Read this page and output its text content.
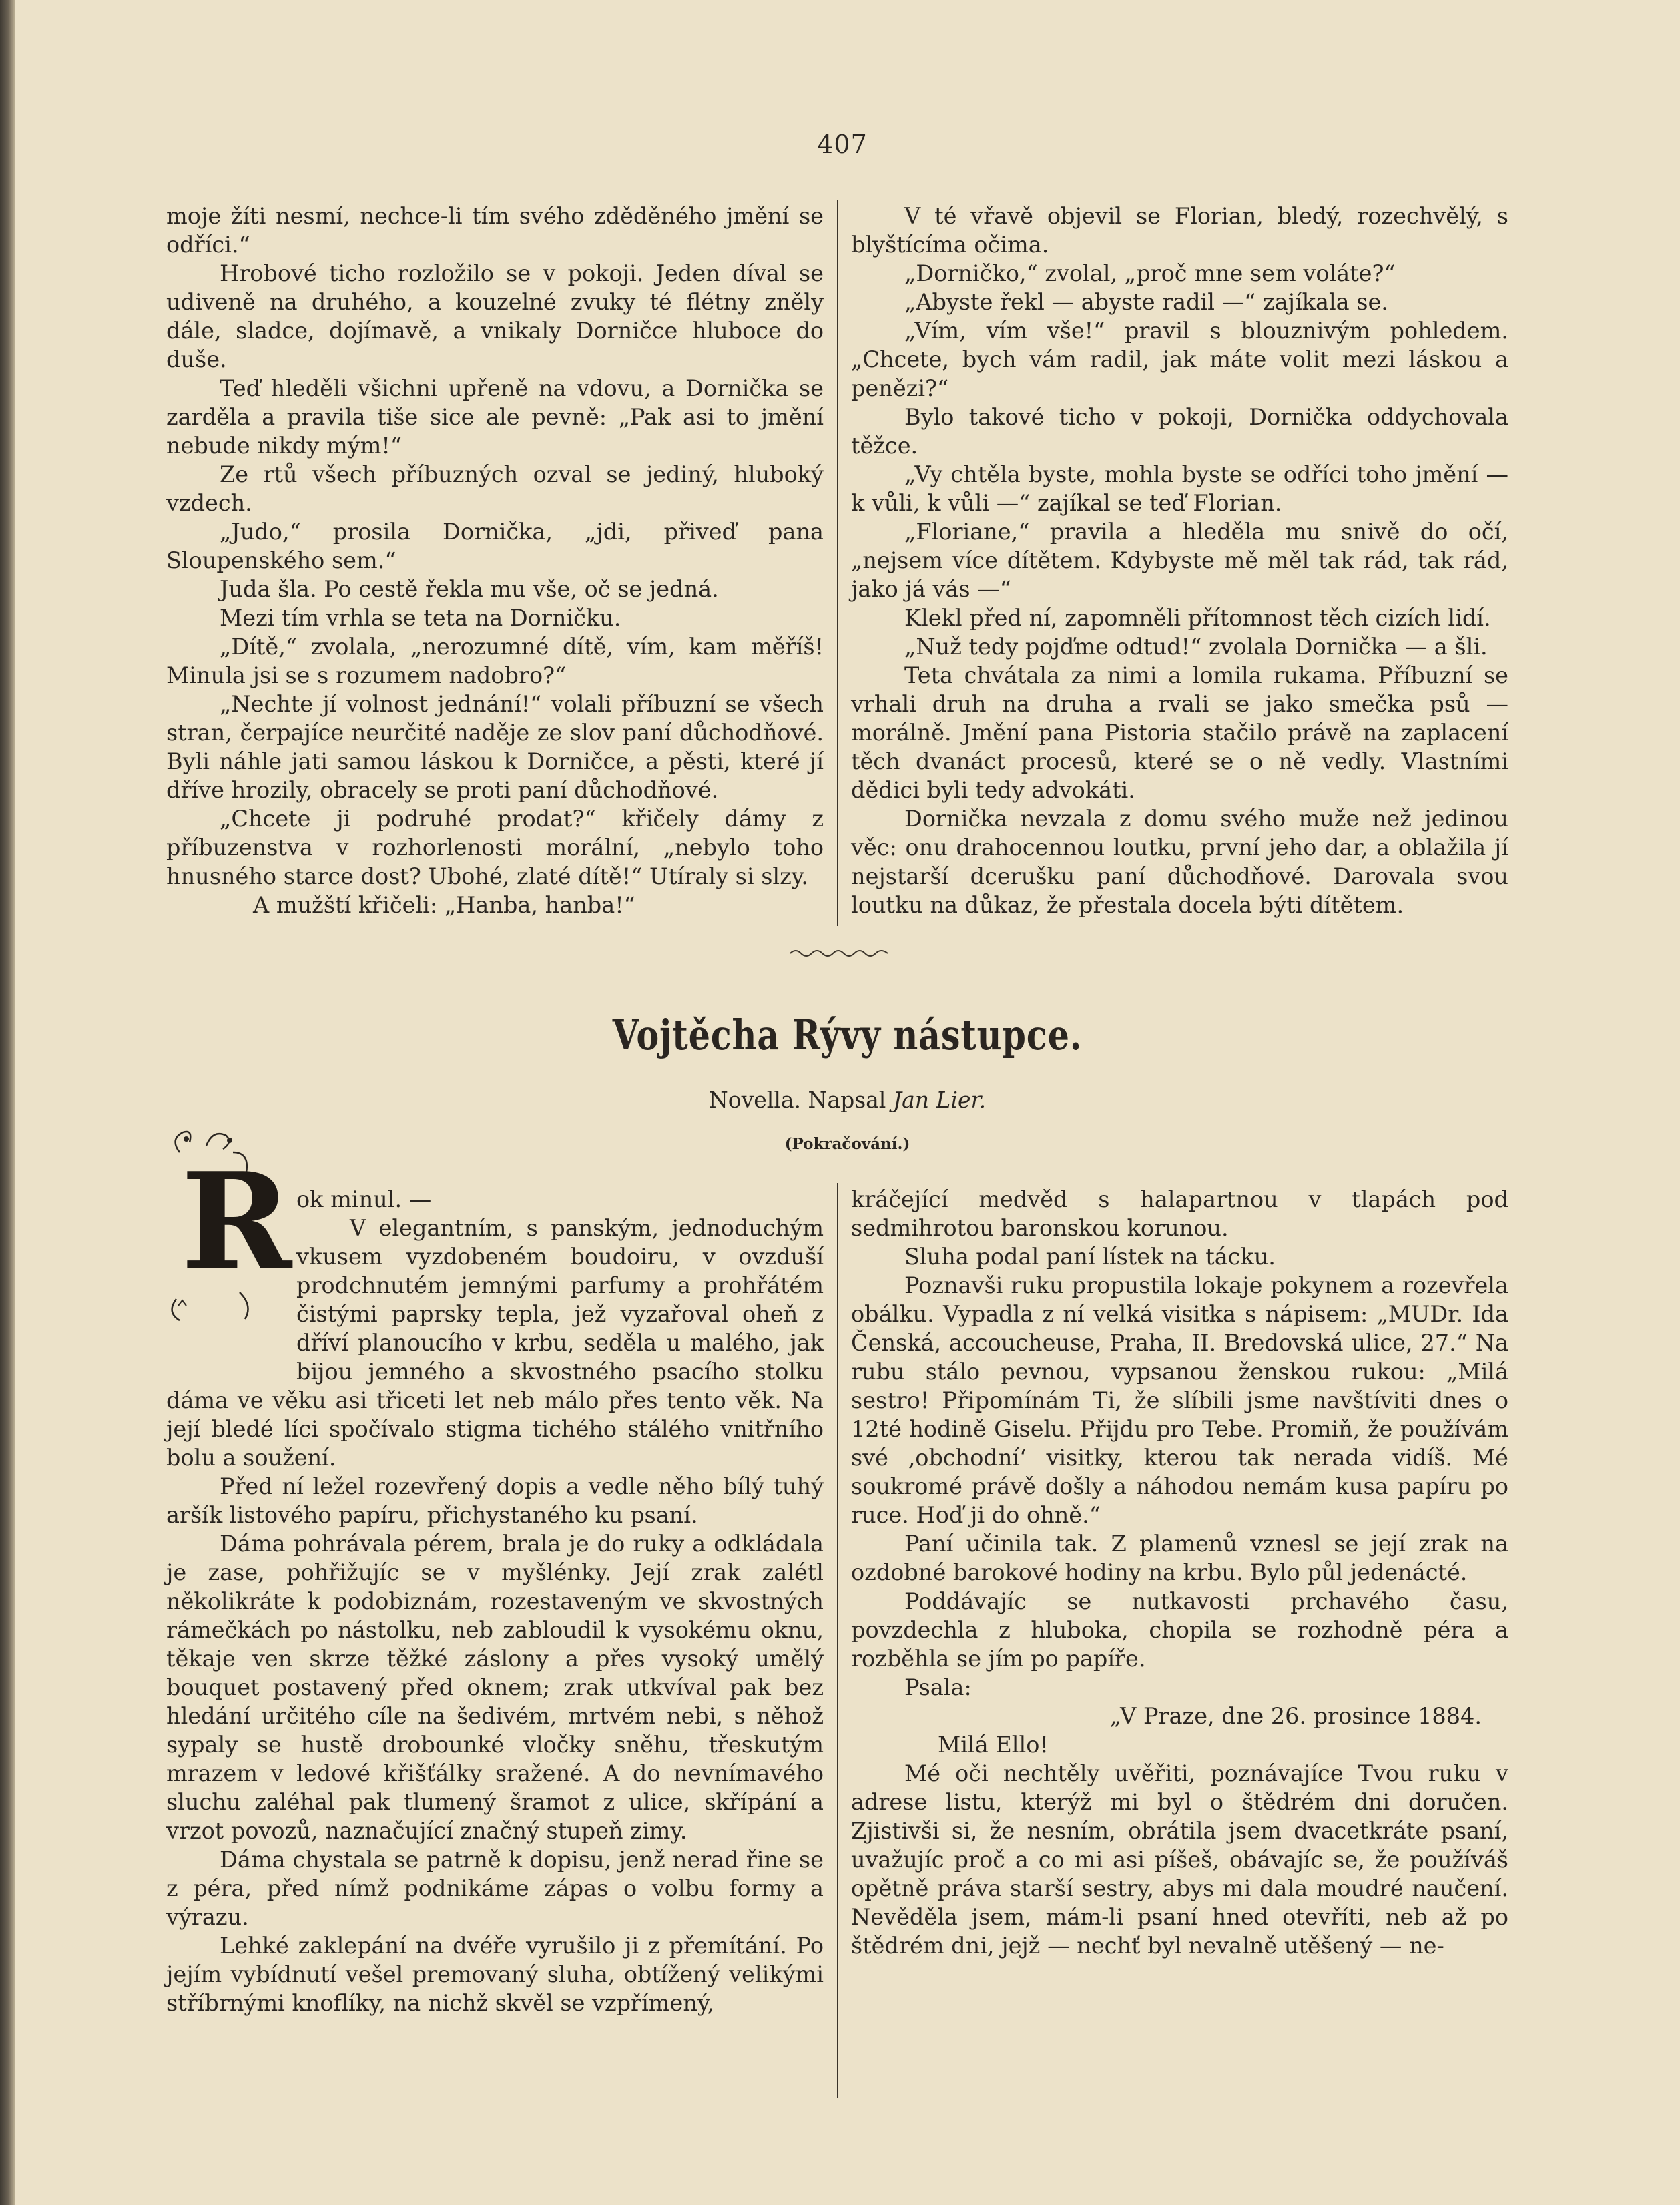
407

moje žíti nesmí, nechce-li tím svého zděděného jmění se odříci.“

Hrobové ticho rozložilo se v pokoji. Jeden díval se udiveně na druhého, a kouzelné zvuky té flétny zněly dále, sladce, dojímavě, a vnikaly Dorničce hluboce do duše.

Teď hleděli všichni upřeně na vdovu, a Dornička se zarděla a pravila tiše sice ale pevně: „Pak asi to jmění nebude nikdy mým!“

Ze rtů všech příbuzných ozval se jediný, hluboký vzdech.

„Judo,“ prosila Dornička, „jdi, přiveď pana Sloupenského sem.“

Juda šla. Po cestě řekla mu vše, oč se jedná.

Mezi tím vrhla se teta na Dorničku.

„Dítě,“ zvolala, „nerozumné dítě, vím, kam měříš! Minula jsi se s rozumem nadobro?“

„Nechte jí volnost jednání!“ volali příbuzní se všech stran, čerpajíce neurčité naděje ze slov paní důchodňové. Byli náhle jati samou láskou k Dorničce, a pěsti, které jí dříve hrozily, obracely se proti paní důchodňové.

„Chcete ji podruhé prodat?“ křičely dámy z příbuzenstva v rozhorlenosti morální, „nebylo toho hnusného starce dost? Ubohé, zlaté dítě!“ Utíraly si slzy.

A mužští křičeli: „Hanba, hanba!“

V té vřavě objevil se Florian, bledý, rozechvělý, s blyštícíma očima.

„Dorničko,“ zvolal, „proč mne sem voláte?“

„Abyste řekl — abyste radil —“ zajíkala se.

„Vím, vím vše!“ pravil s blouznivým pohledem. „Chcete, bych vám radil, jak máte volit mezi láskou a penězi?“

Bylo takové ticho v pokoji, Dornička oddychovala těžce.

„Vy chtěla byste, mohla byste se odříci toho jmění — k vůli, k vůli —“ zajíkal se teď Florian.

„Floriane,“ pravila a hleděla mu snivě do očí, „nejsem více dítětem. Kdybyste mě měl tak rád, tak rád, jako já vás —“

Klekl před ní, zapomněli přítomnost těch cizích lidí.

„Nuž tedy pojďme odtud!“ zvolala Dornička — a šli.

Teta chvátala za nimi a lomila rukama. Příbuzní se vrhali druh na druha a rvali se jako smečka psů — morálně. Jmění pana Pistoria stačilo právě na zaplacení těch dvanáct procesů, které se o ně vedly. Vlastními dědici byli tedy advokáti.

Dornička nevzala z domu svého muže než jedinou věc: onu drahocennou loutku, první jeho dar, a oblažila jí nejstarší dcerušku paní důchodňové. Darovala svou loutku na důkaz, že přestala docela býti dítětem.

Vojtěcha Rývy nástupce.
Novella. Napsal Jan Lier.
(Pokračování.)

ok minul. —

V elegantním, s panským, jednoduchým vkusem vyzdobeném boudoiru, v ovzduší prodchnutém jemnými parfumy a prohřátém čistými paprsky tepla, jež vyzařoval oheň z dříví planoucího v krbu, seděla u malého, jak bijou jemného a skvostného psacího stolku dáma ve věku asi třiceti let neb málo přes tento věk. Na její bledé líci spočívalo stigma tichého stálého vnitřního bolu a soužení.

Před ní ležel rozevřený dopis a vedle něho bílý tuhý aršík listového papíru, přichystaného ku psaní.

Dáma pohrávala pérem, brala je do ruky a odkládala je zase, pohřižujíc se v myšlénky. Její zrak zalétl několikráte k podobiznám, rozestaveným ve skvostných rámečkách po nástolku, neb zabloudil k vysokému oknu, těkaje ven skrze těžké záslony a přes vysoký umělý bouquet postavený před oknem; zrak utkvíval pak bez hledání určitého cíle na šedivém, mrtvém nebi, s něhož sypaly se hustě drobounké vločky sněhu, třeskutým mrazem v ledové křišťálky sražené. A do nevnímavého sluchu zaléhal pak tlumený šramot z ulice, skřípání a vrzot povozů, naznačující značný stupeň zimy.

Dáma chystala se patrně k dopisu, jenž nerad řine se z péra, před nímž podnikáme zápas o volbu formy a výrazu.

Lehké zaklepání na dvéře vyrušilo ji z přemítání. Po jejím vybídnutí vešel premovaný sluha, obtížený velikými stříbrnými knoflíky, na nichž skvěl se vzpřímený,

R	kráčející medvěd s halapartnou v tlapách pod sedmihrotou baronskou korunou.

Sluha podal paní lístek na tácku.

Poznavši ruku propustila lokaje pokynem a rozevřela obálku. Vypadla z ní velká visitka s nápisem: „MUDr. Ida Čenská, accoucheuse, Praha, II. Bredovská ulice, 27.“ Na rubu stálo pevnou, vypsanou ženskou rukou: „Milá sestro! Připomínám Ti, že slíbili jsme navštíviti dnes o 12té hodině Giselu. Přijdu pro Tebe. Promiň, že používám své ‚obchodní‘ visitky, kterou tak nerada vidíš. Mé soukromé právě došly a náhodou nemám kusa papíru po ruce. Hoď ji do ohně.“

Paní učinila tak. Z plamenů vznesl se její zrak na ozdobné barokové hodiny na krbu. Bylo půl jedenácté.

Poddávajíc se nutkavosti prchavého času, povzdechla z hluboka, chopila se rozhodně péra a rozběhla se jím po papíře.

Psala:

„V Praze, dne 26. prosince 1884.

Milá Ello!

Mé oči nechtěly uvěřiti, poznávajíce Tvou ruku v adrese listu, kterýž mi byl o štědrém dni doručen. Zjistivši si, že nesním, obrátila jsem dvacetkráte psaní, uvažujíc proč a co mi asi píšeš, obávajíc se, že používáš opětně práva starší sestry, abys mi dala moudré naučení. Nevěděla jsem, mám-li psaní hned otevříti, neb až po štědrém dni, jejž — nechť byl nevalně utěšený — ne-
